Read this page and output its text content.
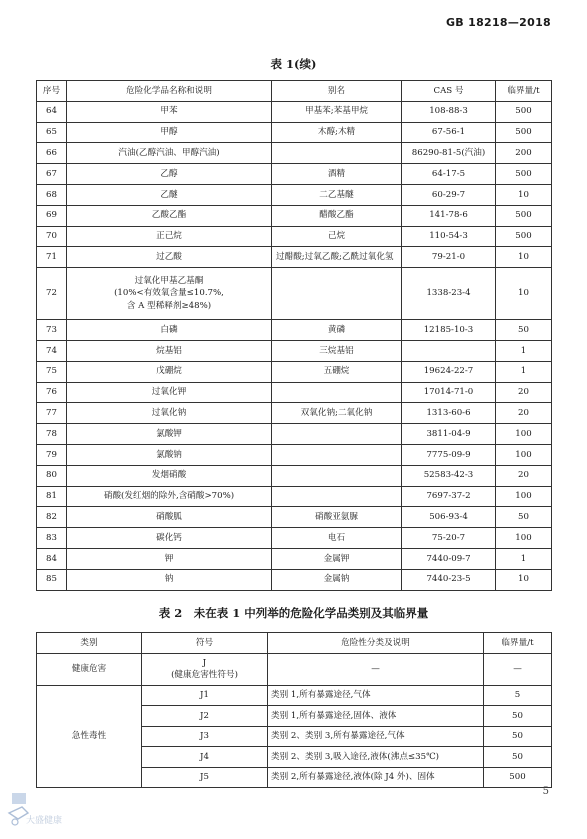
GB 18218—2018
表 1(续)
序号	危险化学品名称和说明	别名	CAS 号	临界量/t
64	甲苯	甲基苯;苯基甲烷	108-88-3	500
65	甲醇	木醇;木精	67-56-1	500
66	汽油(乙醇汽油、甲醇汽油)		86290-81-5(汽油)	200
67	乙醇	酒精	64-17-5	500
68	乙醚	二乙基醚	60-29-7	10
69	乙酸乙酯	醋酸乙酯	141-78-6	500
70	正己烷	己烷	110-54-3	500
71	过乙酸	过醋酸;过氧乙酸;乙酰过氧化氢	79-21-0	10
72	过氧化甲基乙基酮
(10%<有效氧含量≤10.7%,
含 A 型稀释剂≥48%)		1338-23-4	10
73	白磷	黄磷	12185-10-3	50
74	烷基铝	三烷基铝		1
75	戊硼烷	五硼烷	19624-22-7	1
76	过氧化钾		17014-71-0	20
77	过氧化钠	双氧化钠;二氧化钠	1313-60-6	20
78	氯酸钾		3811-04-9	100
79	氯酸钠		7775-09-9	100
80	发烟硝酸		52583-42-3	20
81	硝酸(发红烟的除外,含硝酸>70%)		7697-37-2	100
82	硝酸胍	硝酸亚氨脲	506-93-4	50
83	碳化钙	电石	75-20-7	100
84	钾	金属钾	7440-09-7	1
85	钠	金属钠	7440-23-5	10
表 2　未在表 1 中列举的危险化学品类别及其临界量
类别	符号	危险性分类及说明	临界量/t
健康危害	J
(健康危害性符号)	—	—
急性毒性	J1	类别 1,所有暴露途径,气体	5
	J2	类别 1,所有暴露途径,固体、液体	50
	J3	类别 2、类别 3,所有暴露途径,气体	50
	J4	类别 2、类别 3,吸入途径,液体(沸点≤35℃)	50
	J5	类别 2,所有暴露途径,液体(除 J4 外)、固体	500
大盛健康
5
